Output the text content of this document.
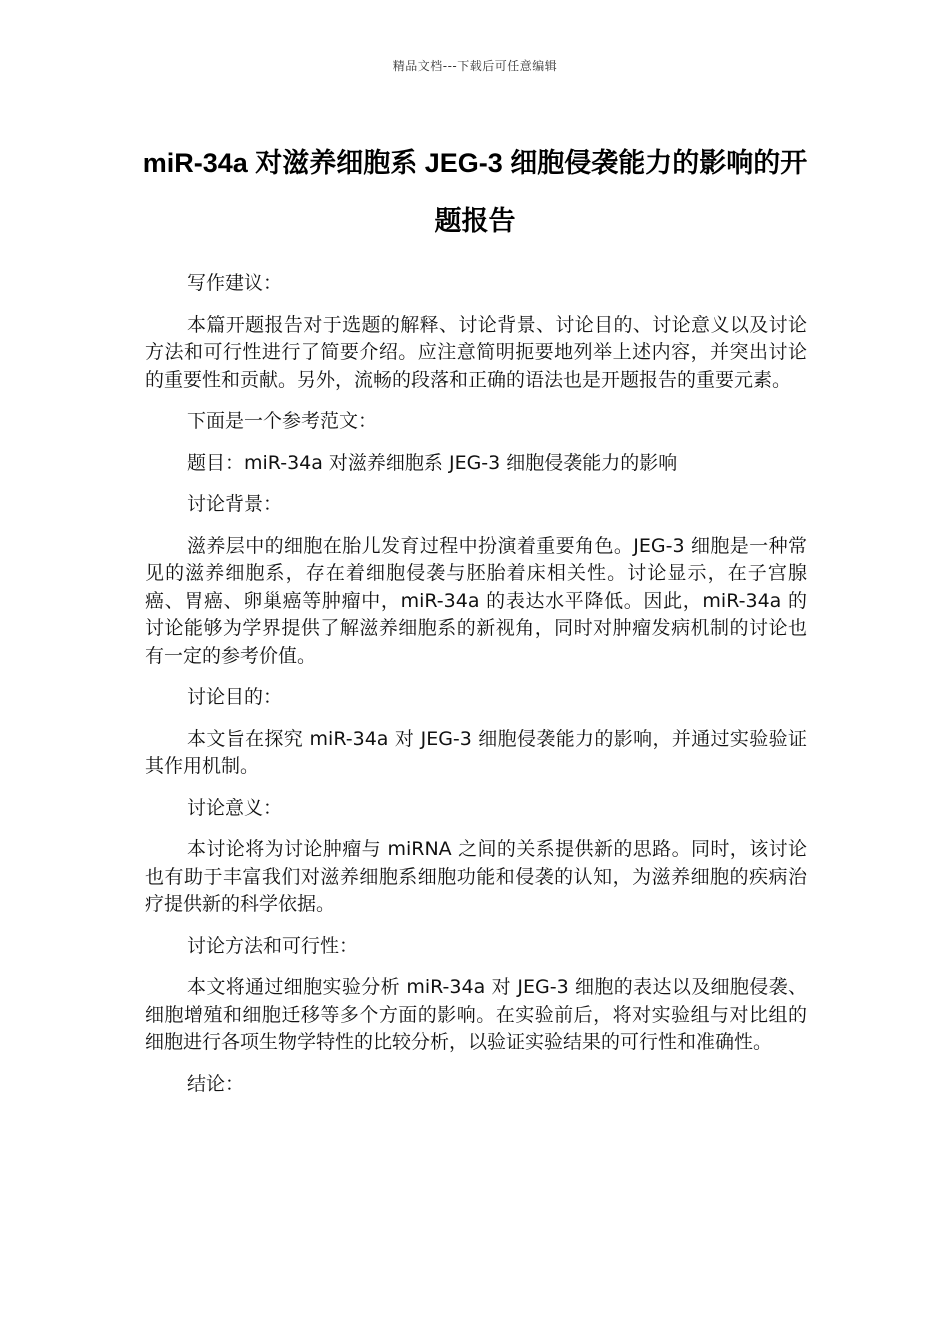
精品文档---下载后可任意编辑
miR-34a 对滋养细胞系 JEG-3 细胞侵袭能力的影响的开题报告

写作建议：

本篇开题报告对于选题的解释、讨论背景、讨论目的、讨论意义以及讨论方法和可行性进行了简要介绍。应注意简明扼要地列举上述内容，并突出讨论的重要性和贡献。另外，流畅的段落和正确的语法也是开题报告的重要元素。

下面是一个参考范文：

题目：miR-34a 对滋养细胞系 JEG-3 细胞侵袭能力的影响

讨论背景：

滋养层中的细胞在胎儿发育过程中扮演着重要角色。JEG-3 细胞是一种常见的滋养细胞系，存在着细胞侵袭与胚胎着床相关性。讨论显示，在子宫腺癌、胃癌、卵巢癌等肿瘤中，miR-34a 的表达水平降低。因此，miR-34a 的讨论能够为学界提供了解滋养细胞系的新视角，同时对肿瘤发病机制的讨论也有一定的参考价值。

讨论目的：

本文旨在探究 miR-34a 对 JEG-3 细胞侵袭能力的影响，并通过实验验证其作用机制。

讨论意义：

本讨论将为讨论肿瘤与 miRNA 之间的关系提供新的思路。同时，该讨论也有助于丰富我们对滋养细胞系细胞功能和侵袭的认知，为滋养细胞的疾病治疗提供新的科学依据。

讨论方法和可行性：

本文将通过细胞实验分析 miR-34a 对 JEG-3 细胞的表达以及细胞侵袭、细胞增殖和细胞迁移等多个方面的影响。在实验前后，将对实验组与对比组的细胞进行各项生物学特性的比较分析，以验证实验结果的可行性和准确性。

结论：
